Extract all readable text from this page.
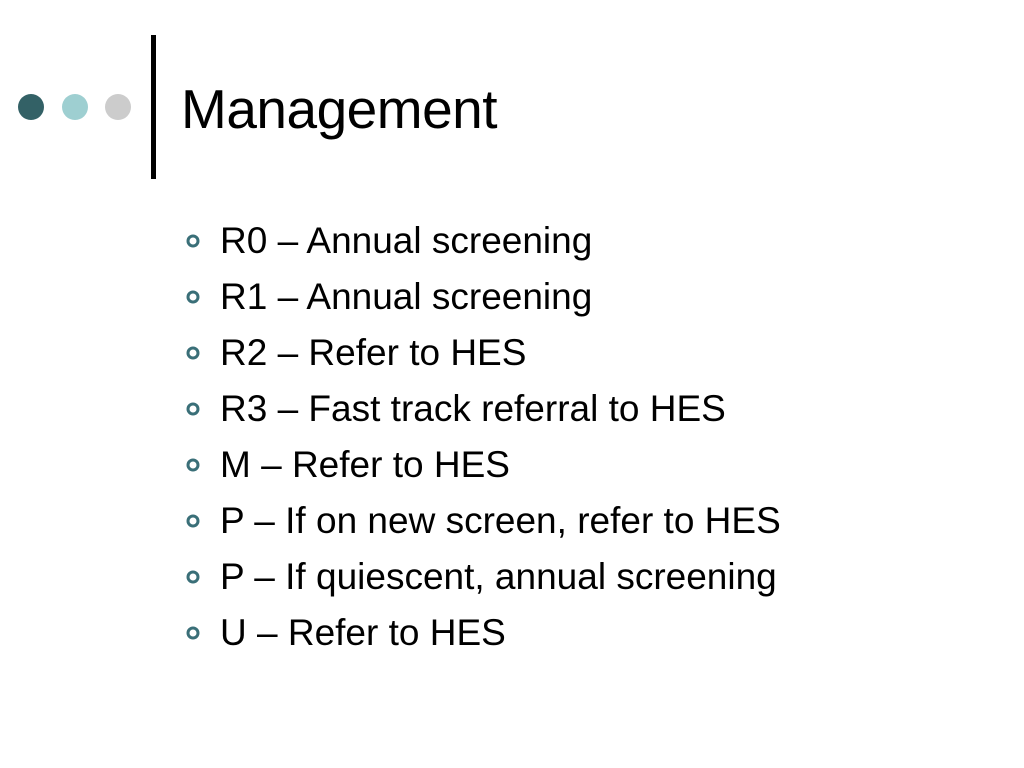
Management
R0 – Annual screening
R1 – Annual screening
R2 – Refer to HES
R3 – Fast track referral to HES
M – Refer to HES
P – If on new screen, refer to HES
P – If quiescent, annual screening
U – Refer to HES
